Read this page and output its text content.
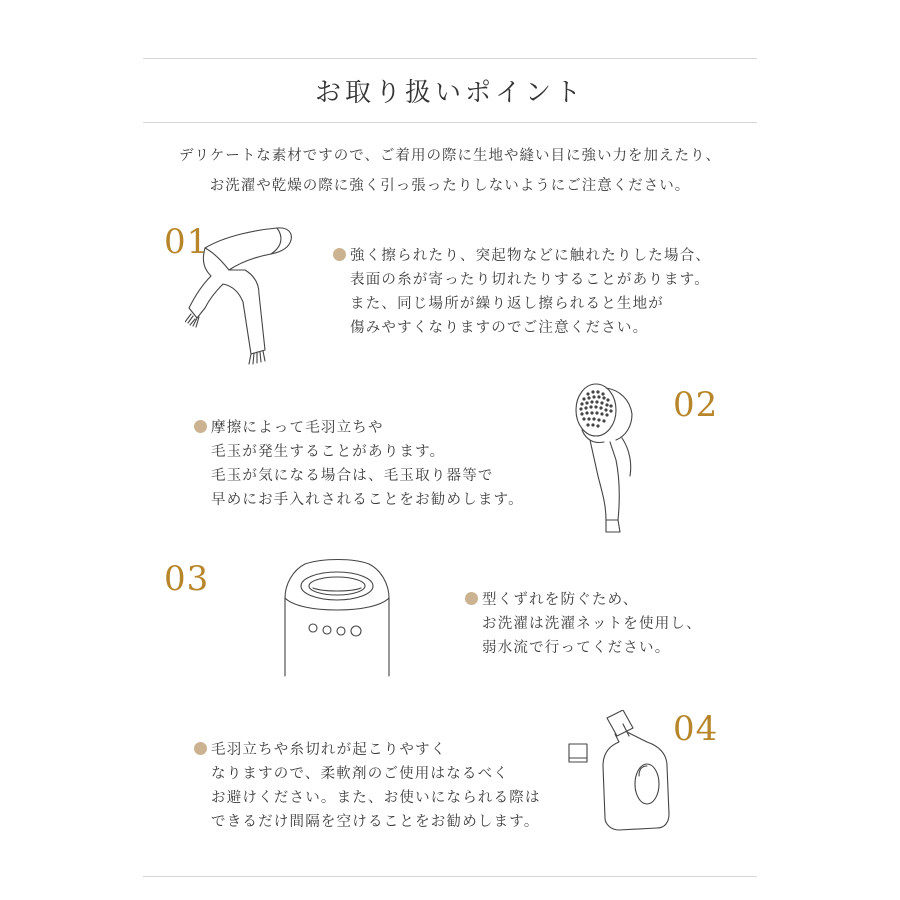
お取り扱いポイント
デリケートな素材ですので、ご着用の際に生地や縫い目に強い力を加えたり、
お洗濯や乾燥の際に強く引っ張ったりしないようにご注意ください。
01	強く擦られたり、突起物などに触れたりした場合、
表面の糸が寄ったり切れたりすることがあります。
また、同じ場所が繰り返し擦られると生地が
傷みやすくなりますのでご注意ください。
02
摩擦によって毛羽立ちや
毛玉が発生することがあります。
毛玉が気になる場合は、毛玉取り器等で
早めにお手入れされることをお勧めします。
03
型くずれを防ぐため、
お洗濯は洗濯ネットを使用し、
弱水流で行ってください。
04
毛羽立ちや糸切れが起こりやすく
なりますので、柔軟剤のご使用はなるべく
お避けください。また、お使いになられる際は
できるだけ間隔を空けることをお勧めします。
